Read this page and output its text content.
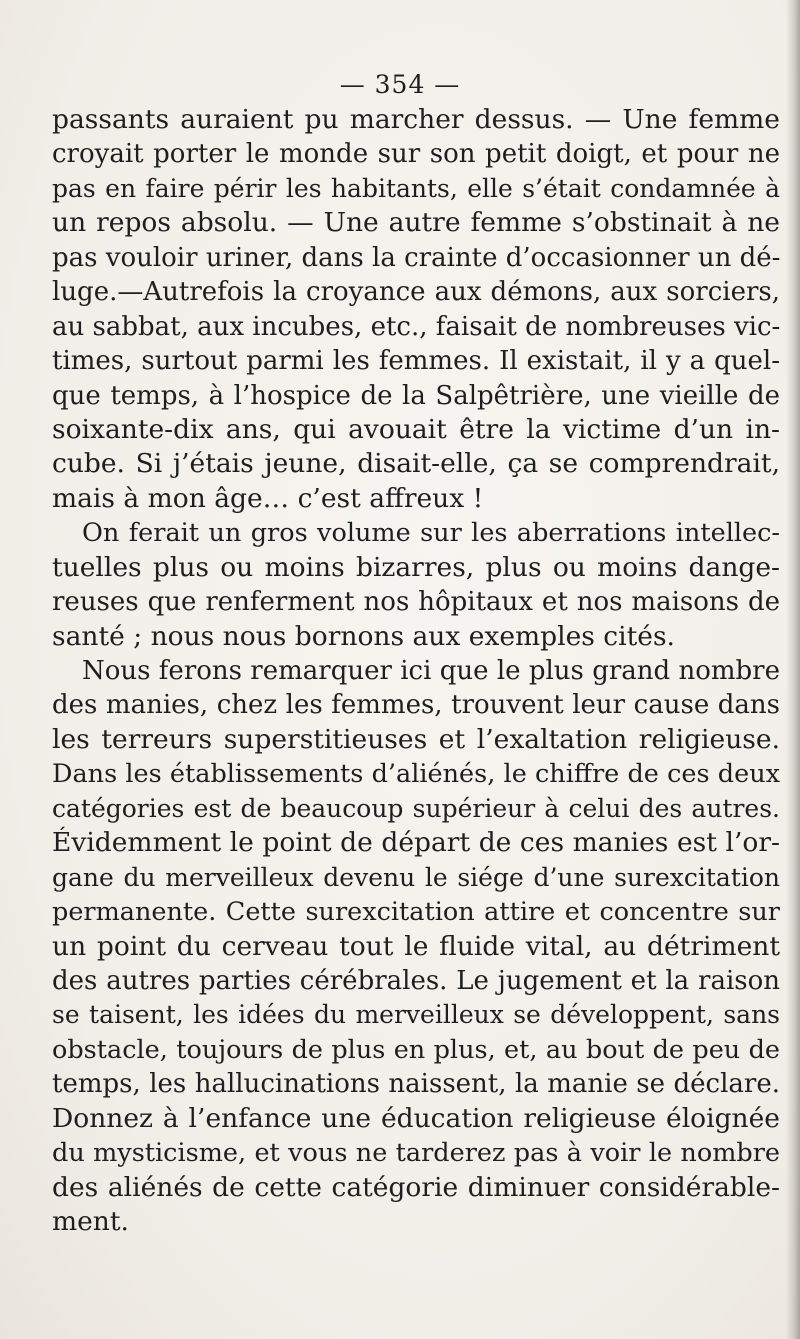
— 354 —
passants auraient pu marcher dessus. — Une femme
croyait porter le monde sur son petit doigt, et pour ne
pas en faire périr les habitants, elle s’était condamnée à
un repos absolu. — Une autre femme s’obstinait à ne
pas vouloir uriner, dans la crainte d’occasionner un dé-
luge.—Autrefois la croyance aux démons, aux sorciers,
au sabbat, aux incubes, etc., faisait de nombreuses vic-
times, surtout parmi les femmes. Il existait, il y a quel-
que temps, à l’hospice de la Salpêtrière, une vieille de
soixante-dix ans, qui avouait être la victime d’un in-
cube. Si j’étais jeune, disait-elle, ça se comprendrait,
mais à mon âge… c’est affreux !
On ferait un gros volume sur les aberrations intellec-
tuelles plus ou moins bizarres, plus ou moins dange-
reuses que renferment nos hôpitaux et nos maisons de
santé ; nous nous bornons aux exemples cités.
Nous ferons remarquer ici que le plus grand nombre
des manies, chez les femmes, trouvent leur cause dans
les terreurs superstitieuses et l’exaltation religieuse.
Dans les établissements d’aliénés, le chiffre de ces deux
catégories est de beaucoup supérieur à celui des autres.
Évidemment le point de départ de ces manies est l’or-
gane du merveilleux devenu le siége d’une surexcitation
permanente. Cette surexcitation attire et concentre sur
un point du cerveau tout le fluide vital, au détriment
des autres parties cérébrales. Le jugement et la raison
se taisent, les idées du merveilleux se développent, sans
obstacle, toujours de plus en plus, et, au bout de peu de
temps, les hallucinations naissent, la manie se déclare.
Donnez à l’enfance une éducation religieuse éloignée
du mysticisme, et vous ne tarderez pas à voir le nombre
des aliénés de cette catégorie diminuer considérable-
ment.
